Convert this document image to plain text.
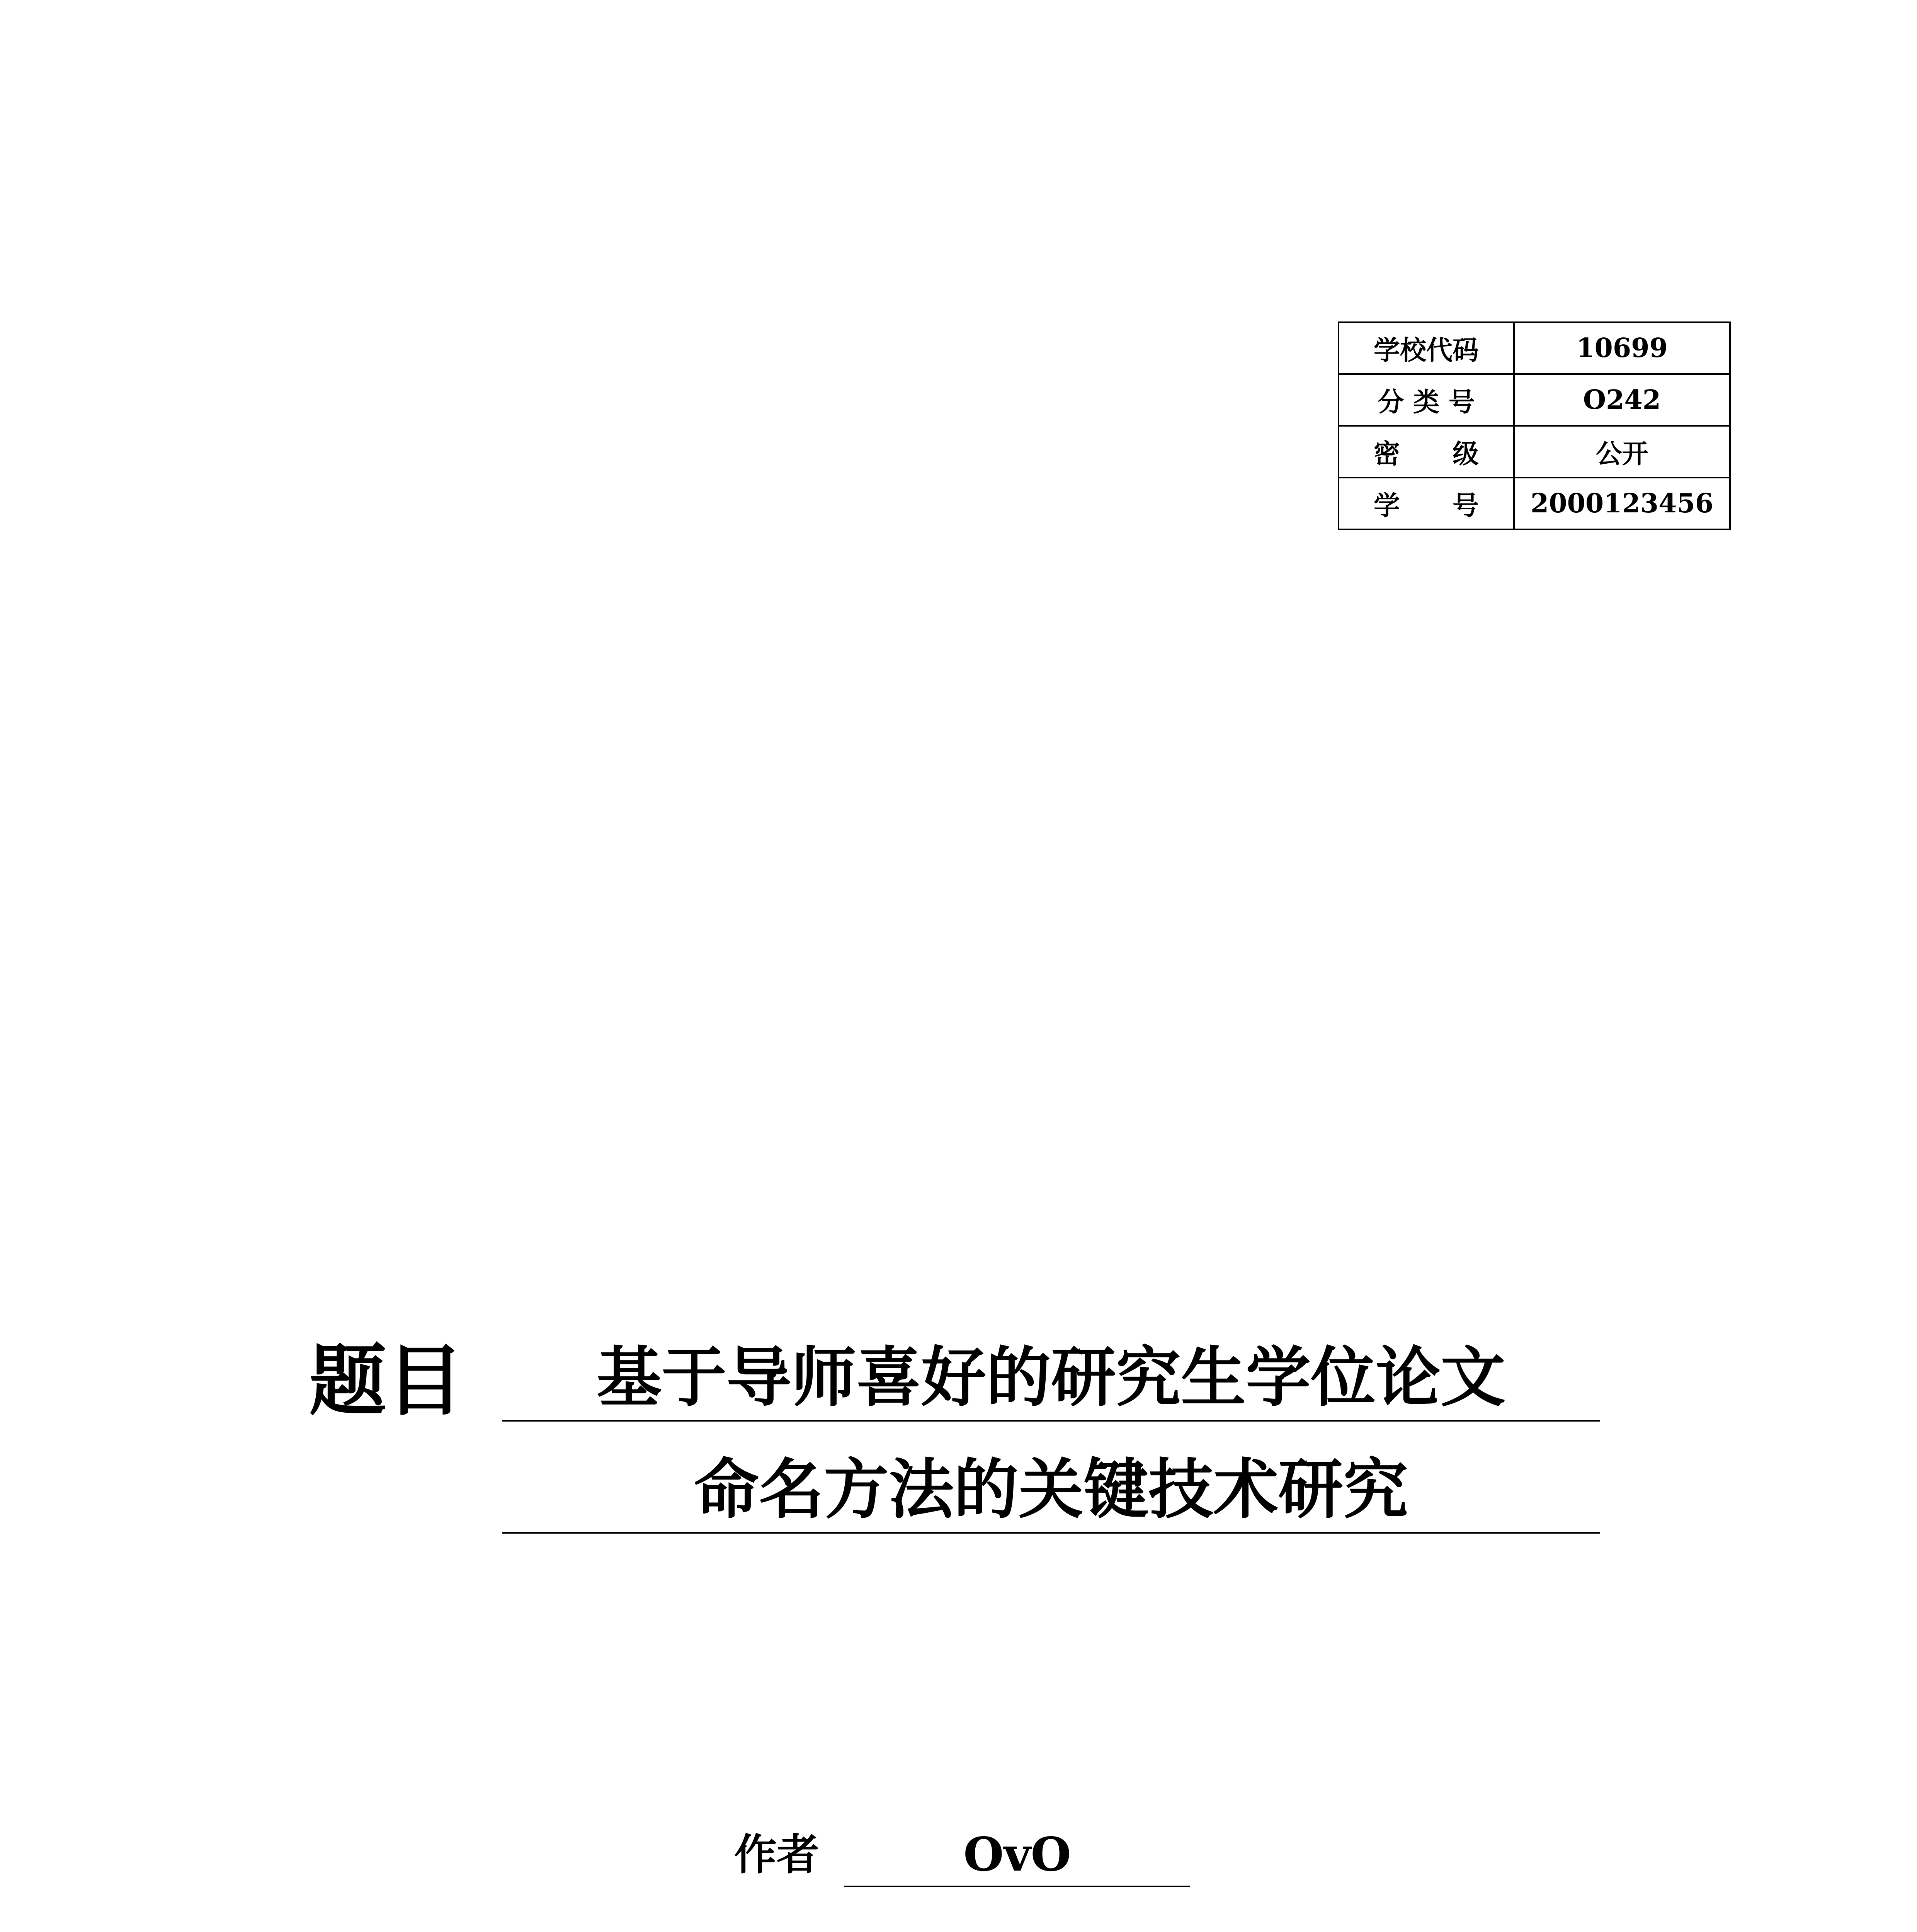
学校代码	10699
分 类 号	O242
密　　级	公开
学　　号	2000123456
题目	基于导师喜好的研究生学位论文
命名方法的关键技术研究
作者	OvO
